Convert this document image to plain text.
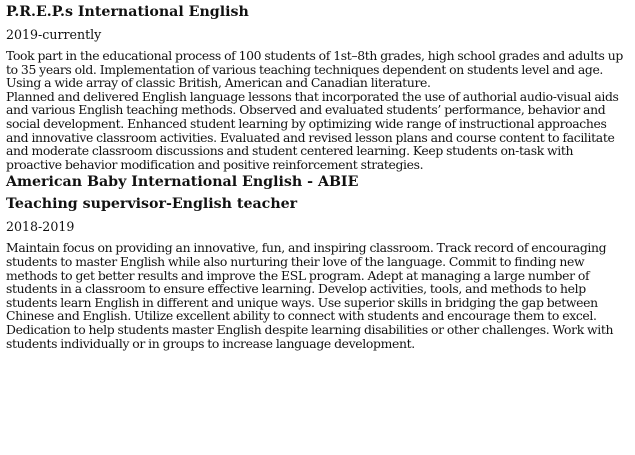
P.R.E.P.s International English
2019-currently

Took part in the educational process of 100 students of 1st–8th grades, high school grades and adults up to 35 years old. Implementation of various teaching techniques dependent on students level and age. Using a wide array of classic British, American and Canadian literature.

Planned and delivered English language lessons that incorporated the use of authorial audio-visual aids and various English teaching methods. Observed and evaluated students’ performance, behavior and social development. Enhanced student learning by optimizing wide range of instructional approaches and innovative classroom activities. Evaluated and revised lesson plans and course content to facilitate and moderate classroom discussions and student centered learning. Keep students on-task with proactive behavior modification and positive reinforcement strategies.

American Baby International English - ABIE
Teaching supervisor-English teacher
2018-2019

Maintain focus on providing an innovative, fun, and inspiring classroom. Track record of encouraging students to master English while also nurturing their love of the language. Commit to finding new methods to get better results and improve the ESL program. Adept at managing a large number of students in a classroom to ensure effective learning. Develop activities, tools, and methods to help students learn English in different and unique ways. Use superior skills in bridging the gap between Chinese and English. Utilize excellent ability to connect with students and encourage them to excel. Dedication to help students master English despite learning disabilities or other challenges. Work with students individually or in groups to increase language development.
